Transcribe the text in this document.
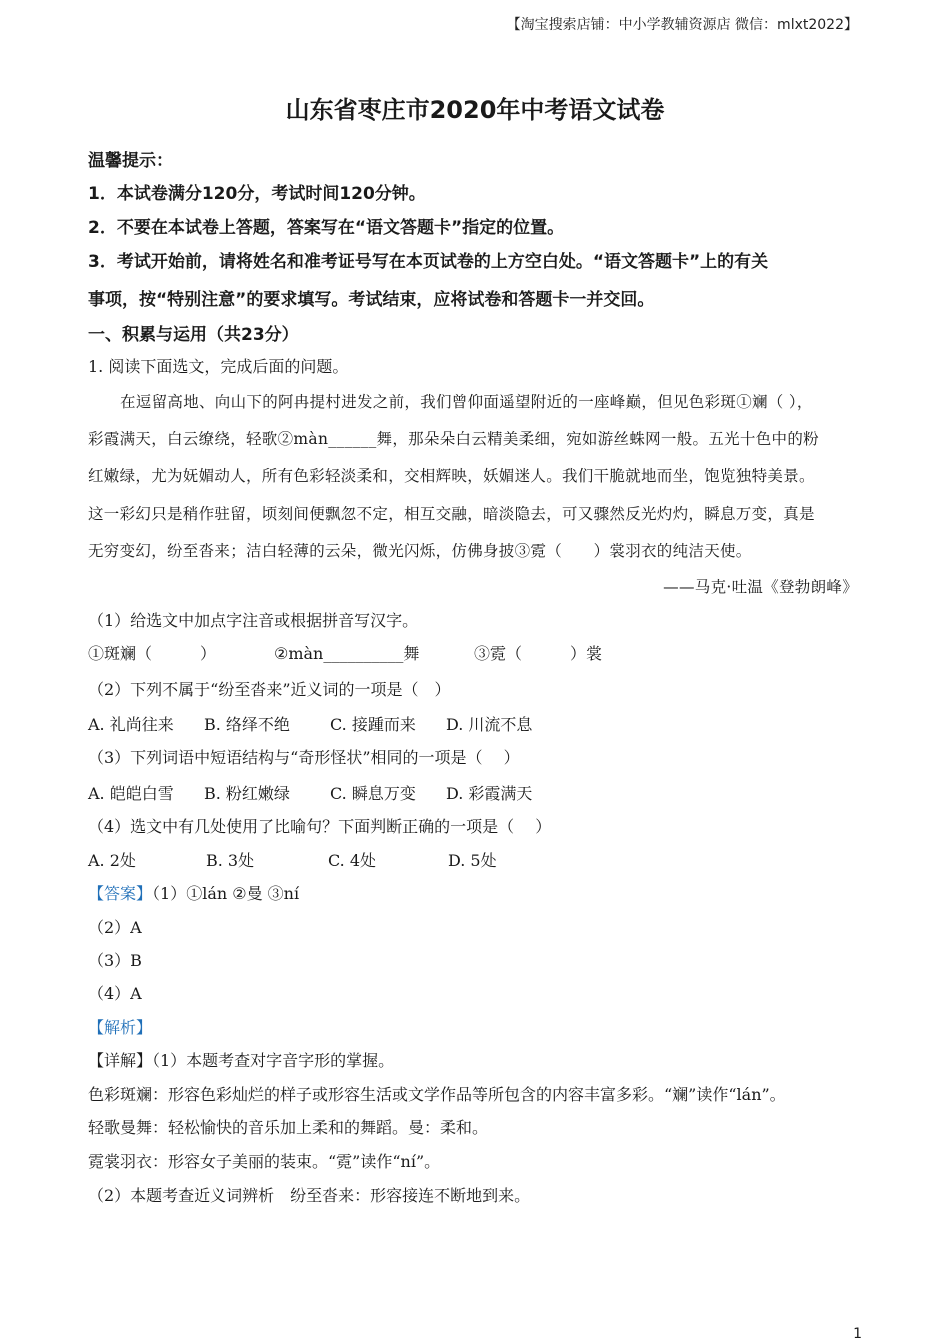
【淘宝搜索店铺：中小学教辅资源店 微信：mlxt2022】
山东省枣庄市2020年中考语文试卷
温馨提示：
1．本试卷满分120分，考试时间120分钟。
2．不要在本试卷上答题，答案写在“语文答题卡”指定的位置。
3．考试开始前，请将姓名和准考证号写在本页试卷的上方空白处。“语文答题卡”上的有关
事项，按“特别注意”的要求填写。考试结束，应将试卷和答题卡一并交回。
一、积累与运用（共23分）
1. 阅读下面选文，完成后面的问题。
在逗留高地、向山下的阿冉提村进发之前，我们曾仰面遥望附近的一座峰巅，但见色彩斑①斓（ ），
彩霞满天，白云缭绕，轻歌②màn______舞，那朵朵白云精美柔细，宛如游丝蛛网一般。五光十色中的粉
红嫩绿，尤为妩媚动人，所有色彩轻淡柔和，交相辉映，妖媚迷人。我们干脆就地而坐，饱览独特美景。
这一彩幻只是稍作驻留，顷刻间便飘忽不定，相互交融，暗淡隐去，可又骤然反光灼灼，瞬息万变，真是
无穷变幻，纷至沓来；洁白轻薄的云朵，微光闪烁，仿佛身披③霓（　　）裳羽衣的纯洁天使。
——马克·吐温《登勃朗峰》
（1）给选文中加点字注音或根据拼音写汉字。
①斑斓（　　　）	②màn__________舞	③霓（　　　）裳
（2）下列不属于“纷至沓来”近义词的一项是（　）
A. 礼尚往来 B. 络绎不绝	C. 接踵而来 D. 川流不息
（3）下列词语中短语结构与“奇形怪状”相同的一项是（　 ）
A. 皑皑白雪 B. 粉红嫩绿	C. 瞬息万变 D. 彩霞满天
（4）选文中有几处使用了比喻句？下面判断正确的一项是（　 ）
A. 2处	B. 3处	C. 4处	D. 5处
【答案】（1）①lán ②曼 ③ní
（2）A
（3）B
（4）A
【解析】
【详解】（1）本题考查对字音字形的掌握。
色彩斑斓：形容色彩灿烂的样子或形容生活或文学作品等所包含的内容丰富多彩。“斓”读作“lán”。
轻歌曼舞：轻松愉快的音乐加上柔和的舞蹈。曼：柔和。
霓裳羽衣：形容女子美丽的装束。“霓”读作“ní”。
（2）本题考查近义词辨析　纷至沓来：形容接连不断地到来。
1
